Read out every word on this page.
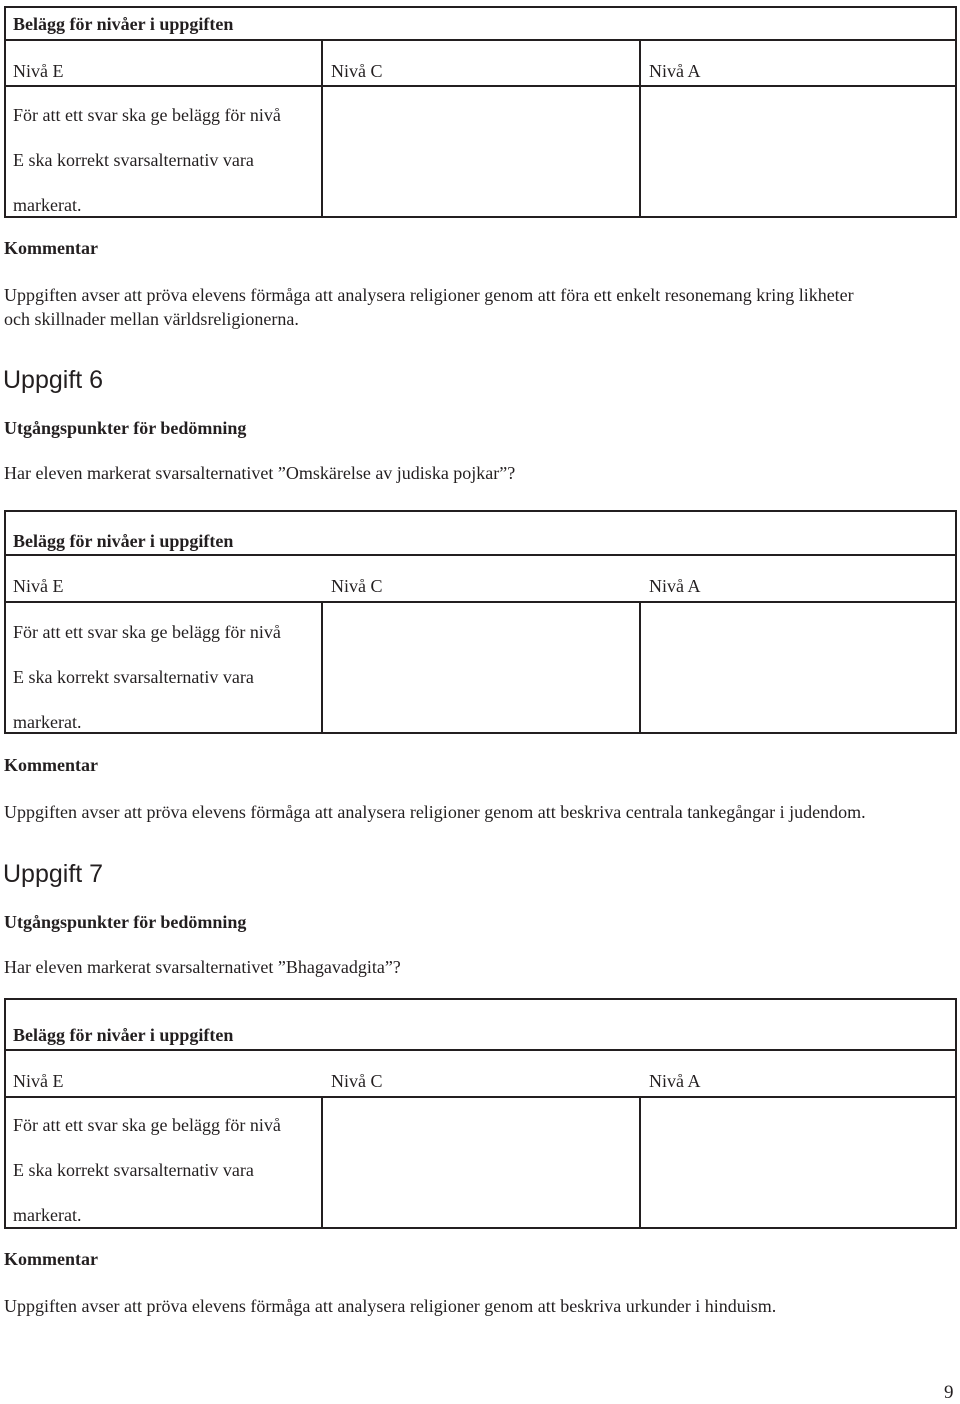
Belägg för nivåer i uppgiften
Nivå E	Nivå C	Nivå A
För att ett svar ska ge belägg för nivå
E ska korrekt svarsalternativ vara
markerat.
Kommentar
Uppgiften avser att pröva elevens förmåga att analysera religioner genom att föra ett enkelt resonemang kring likheter
och skillnader mellan världsreligionerna.
Uppgift 6
Utgångspunkter för bedömning
Har eleven markerat svarsalternativet ”Omskärelse av judiska pojkar”?
Belägg för nivåer i uppgiften
Nivå E	Nivå C	Nivå A
För att ett svar ska ge belägg för nivå
E ska korrekt svarsalternativ vara
markerat.
Kommentar
Uppgiften avser att pröva elevens förmåga att analysera religioner genom att beskriva centrala tankegångar i judendom.
Uppgift 7
Utgångspunkter för bedömning
Har eleven markerat svarsalternativet ”Bhagavadgita”?
Belägg för nivåer i uppgiften
Nivå E	Nivå C	Nivå A
För att ett svar ska ge belägg för nivå
E ska korrekt svarsalternativ vara
markerat.
Kommentar
Uppgiften avser att pröva elevens förmåga att analysera religioner genom att beskriva urkunder i hinduism.
9
